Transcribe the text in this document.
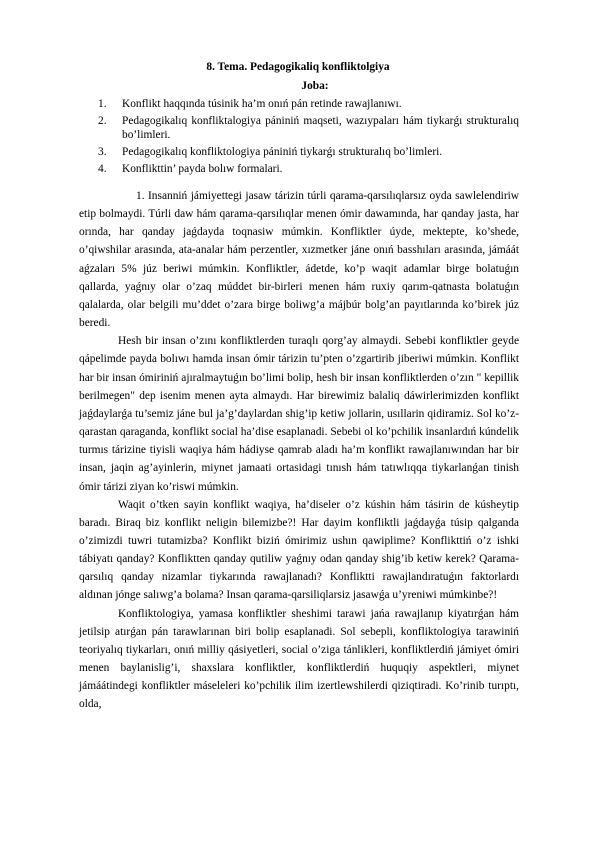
8. Tema. Pedagogikaliq konfliktolgiya
Joba:
1.	Konflikt haqqında túsinik ha’m onıń pán retinde rawajlanıwı.
2.	Pedagogikalıq konfliktalogiya pániniń maqseti, wazıypaları hám tiykarǵı strukturalıq bo’limleri.
3.	Pedagogikalıq konfliktologiya pániniń tiykarǵı strukturalıq bo’limleri.
4.	Konflikttin’ payda bolıw formalari.

1. Insanniń jámiyettegi jasaw tárizin túrli qarama-qarsılıqlarsız oyda sawlelendiriw etip bolmaydi. Túrli daw hám qarama-qarsılıqlar menen ómir dawamında, har qanday jasta, har orında, har qanday jaǵdayda toqnasiw múmkin. Konfliktler úyde, mektepte, ko’shede, o’qiwshilar arasında, ata-analar hám perzentler, xızmetker jáne onıń basshıları arasında, jámáát aǵzaları 5% júz beriwi múmkin. Konfliktler, ádetde, ko’p waqit adamlar birge bolatuǵın qallarda, yaǵnıy olar o’zaq múddet bir-birleri menen hám ruxiy qarım-qatnasta bolatuǵın qalalarda, olar belgili mu’ddet o’zara birge boliwg’a májbúr bolg’an payıtlarında ko’birek júz beredi.

Hesh bir insan o’zını konfliktlerden turaqlı qorg’ay almaydi. Sebebi konfliktler geyde qápelimde payda bolıwı hamda insan ómir tárizin tu’pten o’zgartirib jiberiwi múmkin. Konflikt har bir insan ómiriniń ajıralmaytuǵın bo’limi bolip, hesh bir insan konfliktlerden o’zın " kepillik berilmegen" dep isenim menen ayta almaydı. Har birewimiz balaliq dáwirlerimizden konflikt jaǵdaylarǵa tu’semiz jáne bul ja’g’daylardan shig’ip ketiw jollarin, usıllarin qidiramiz. Sol ko’z-qarastan qaraganda, konflikt social ha’dise esaplanadi. Sebebi ol ko’pchilik insanlardıń kúndelik turmıs tárizine tiyisli waqiya hám hádiyse qamrab aladı ha’m konflikt rawajlanıwından har bir insan, jaqin ag’ayinlerin, miynet jamaati ortasidagi tınısh hám tatıwlıqqa tiykarlanǵan tinish ómir tárizi ziyan ko’riswi múmkin.

Waqit o’tken sayin konflikt waqiya, ha’diseler o’z kúshin hám tásirin de kúsheytip baradı. Biraq biz konflikt neligin bilemizbe?! Har dayim konfliktli jaǵdayǵa túsip qalganda o’zimizdi tuwri tutamizba? Konflikt biziń ómirimiz ushın qawiplime? Konflikttiń o’z ishki tábiyatı qanday? Konfliktten qanday qutiliw yaǵnıy odan qanday shig’ib ketiw kerek? Qarama-qarsılıq qanday nizamlar tiykarında rawajlanadı? Konfliktti rawajlandıratuǵın faktorlardı aldınan jónge salıwg’a bolama? Insan qarama-qarsiliqlarsiz jasawǵa u’yreniwi múmkinbe?!

Konfliktologiya, yamasa konfliktler sheshimi tarawi jańa rawajlanıp kiyatırǵan hám jetilsip atırǵan pán tarawlarınan biri bolip esaplanadi. Sol sebepli, konfliktologiya tarawiniń teoriyalıq tiykarları, onıń milliy qásiyetleri, social o’ziga tánlikleri, konfliktlerdiń jámiyet ómiri menen baylanislig’i, shaxslara konfliktler, konfliktlerdiń huquqiy aspektleri, miynet jámáátindegi konfliktler máseleleri ko’pchilik ilim izertlewshilerdi qiziqtiradi. Ko’rinib turıptı, olda,
